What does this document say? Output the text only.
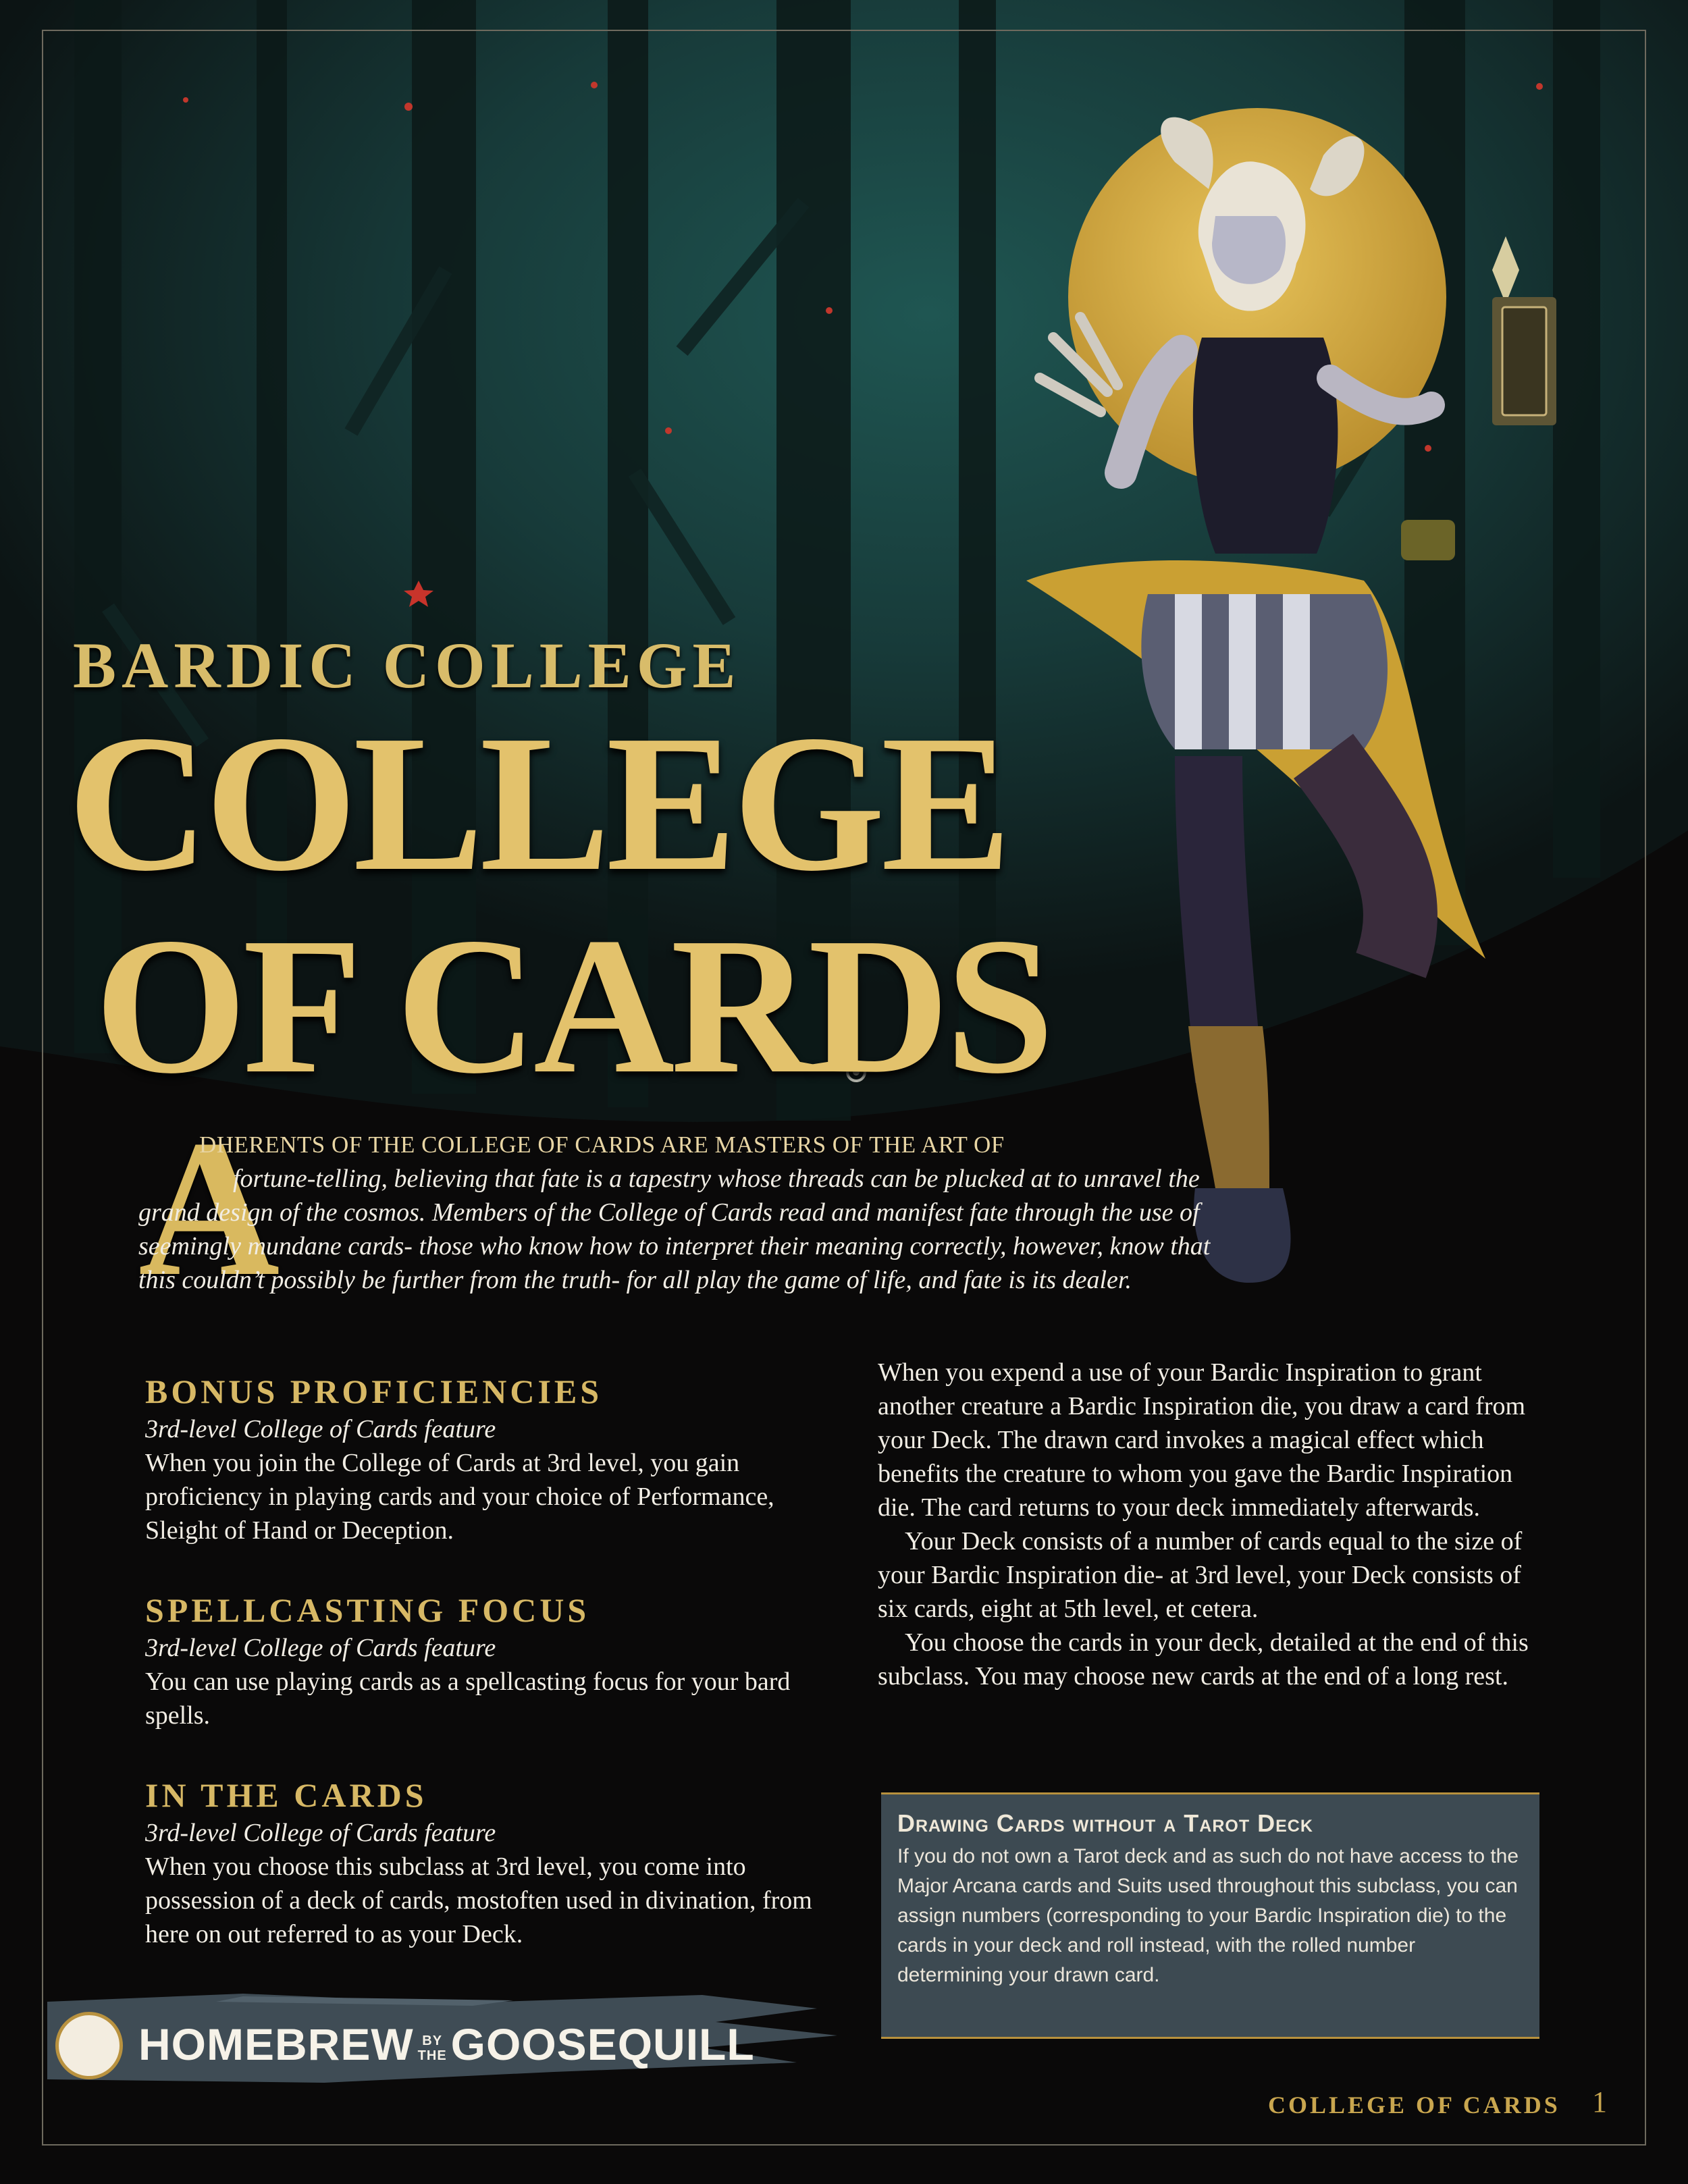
BARDIC COLLEGE
COLLEGE
OF CARDS
A

DHERENTS OF THE COLLEGE OF CARDS ARE MASTERS OF THE ART OF

fortune-telling, believing that fate is a tapestry whose threads can be plucked at to unravel the grand design of the cosmos. Members of the College of Cards read and manifest fate through the use of seemingly mundane cards- those who know how to interpret their meaning correctly, however, know that this couldn’t possibly be further from the truth- for all play the game of life, and fate is its dealer.

BONUS PROFICIENCIES
3rd-level College of Cards feature
When you join the College of Cards at 3rd level, you gain proficiency in playing cards and your choice of Performance, Sleight of Hand or Deception.
SPELLCASTING FOCUS
3rd-level College of Cards feature
You can use playing cards as a spellcasting focus for your bard spells.
IN THE CARDS
3rd-level College of Cards feature
When you choose this subclass at 3rd level, you come into possession of a deck of cards, mostoften used in divination, from here on out referred to as your Deck.

When you expend a use of your Bardic Inspiration to grant another creature a Bardic Inspiration die, you draw a card from your Deck. The drawn card invokes a magical effect which benefits the creature to whom you gave the Bardic Inspiration die. The card returns to your deck immediately afterwards.

Your Deck consists of a number of cards equal to the size of your Bardic Inspiration die- at 3rd level, your Deck consists of six cards, eight at 5th level, et cetera.

You choose the cards in your deck, detailed at the end of this subclass. You may choose new cards at the end of a long rest.

Drawing Cards without a Tarot Deck
If you do not own a Tarot deck and as such do not have access to the Major Arcana cards and Suits used throughout this subclass, you can assign numbers (corresponding to your Bardic Inspiration die) to the cards in your deck and roll instead, with the rolled number determining your drawn card.
HOMEBREW BY
THEGOOSEQUILL
COLLEGE OF CARDS 1
